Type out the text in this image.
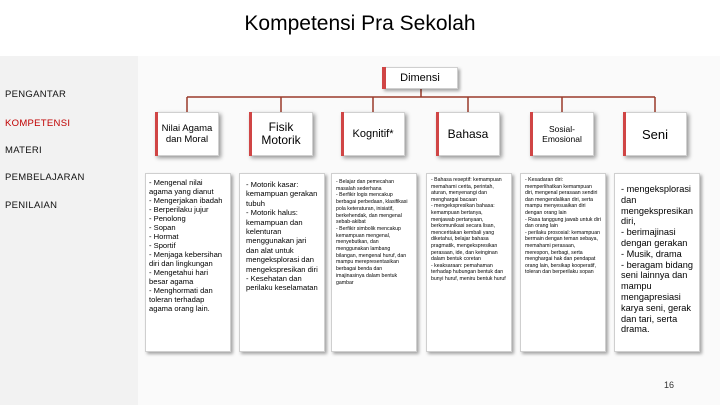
Kompetensi Pra Sekolah
PENGANTAR
KOMPETENSI
MATERI
PEMBELAJARAN
PENILAIAN
Dimensi
Nilai Agama dan Moral
- Mengenal nilai agama yang dianut
- Mengerjakan ibadah
- Berperilaku jujur
- Penolong
- Sopan
- Hormat
- Sportif
- Menjaga kebersihan diri dan lingkungan
- Mengetahui hari besar agama
- Menghormati dan toleran terhadap agama orang lain.
Fisik Motorik
- Motorik kasar: kemampuan gerakan tubuh
- Motorik halus: kemampuan dan kelenturan menggunakan jari dan alat untuk mengeksplorasi dan mengekspresikan diri
- Kesehatan dan perilaku keselamatan
Kognitif*
- Belajar dan pemecahan masalah sederhana
- Berfikir logis mencakup berbagai perbedaan, klasifikasi pola keteraturan, inisiatif, berkehendak, dan mengenal sebab-akibat
- Berfikir simbolik mencakup kemampuan mengenal, menyebutkan, dan menggunakan lambang bilangan, mengenal huruf, dan mampu merepresentasikan berbagai benda dan imajinasinya dalam bentuk gambar
Bahasa
- Bahasa reseptif: kemampuan memahami cerita, perintah, aturan, menyenangi dan menghargai bacaan
- mengekspresikan bahasa: kemampuan bertanya, menjawab pertanyaan, berkomunikasi secara lisan, menceritakan kembali yang diketahui, belajar bahasa pragmatik, mengekspresikan perasaan, ide, dan keinginan dalam bentuk coretan
- keaksaraan: pemahaman terhadap hubungan bentuk dan bunyi huruf, meniru bentuk huruf
Sosial-Emosional
- Kesadaran diri: memperlihatkan kemampuan diri, mengenal perasaan sendiri dan mengendalikan diri, serta mampu menyesuaikan diri dengan orang lain
- Rasa tanggung jawab untuk diri dan orang lain
- perilaku prososial: kemampuan bermain dengan teman sebaya, memahami perasaan, merespon, berbagi, serta menghargai hak dan pendapat orang lain, bersikap kooperatif, toleran dan berperilaku sopan
Seni
- mengeksplorasi dan mengekspresikan diri,
- berimajinasi dengan gerakan
- Musik, drama
- beragam bidang seni lainnya dan mampu mengapresiasi karya seni, gerak dan tari, serta drama.
16
